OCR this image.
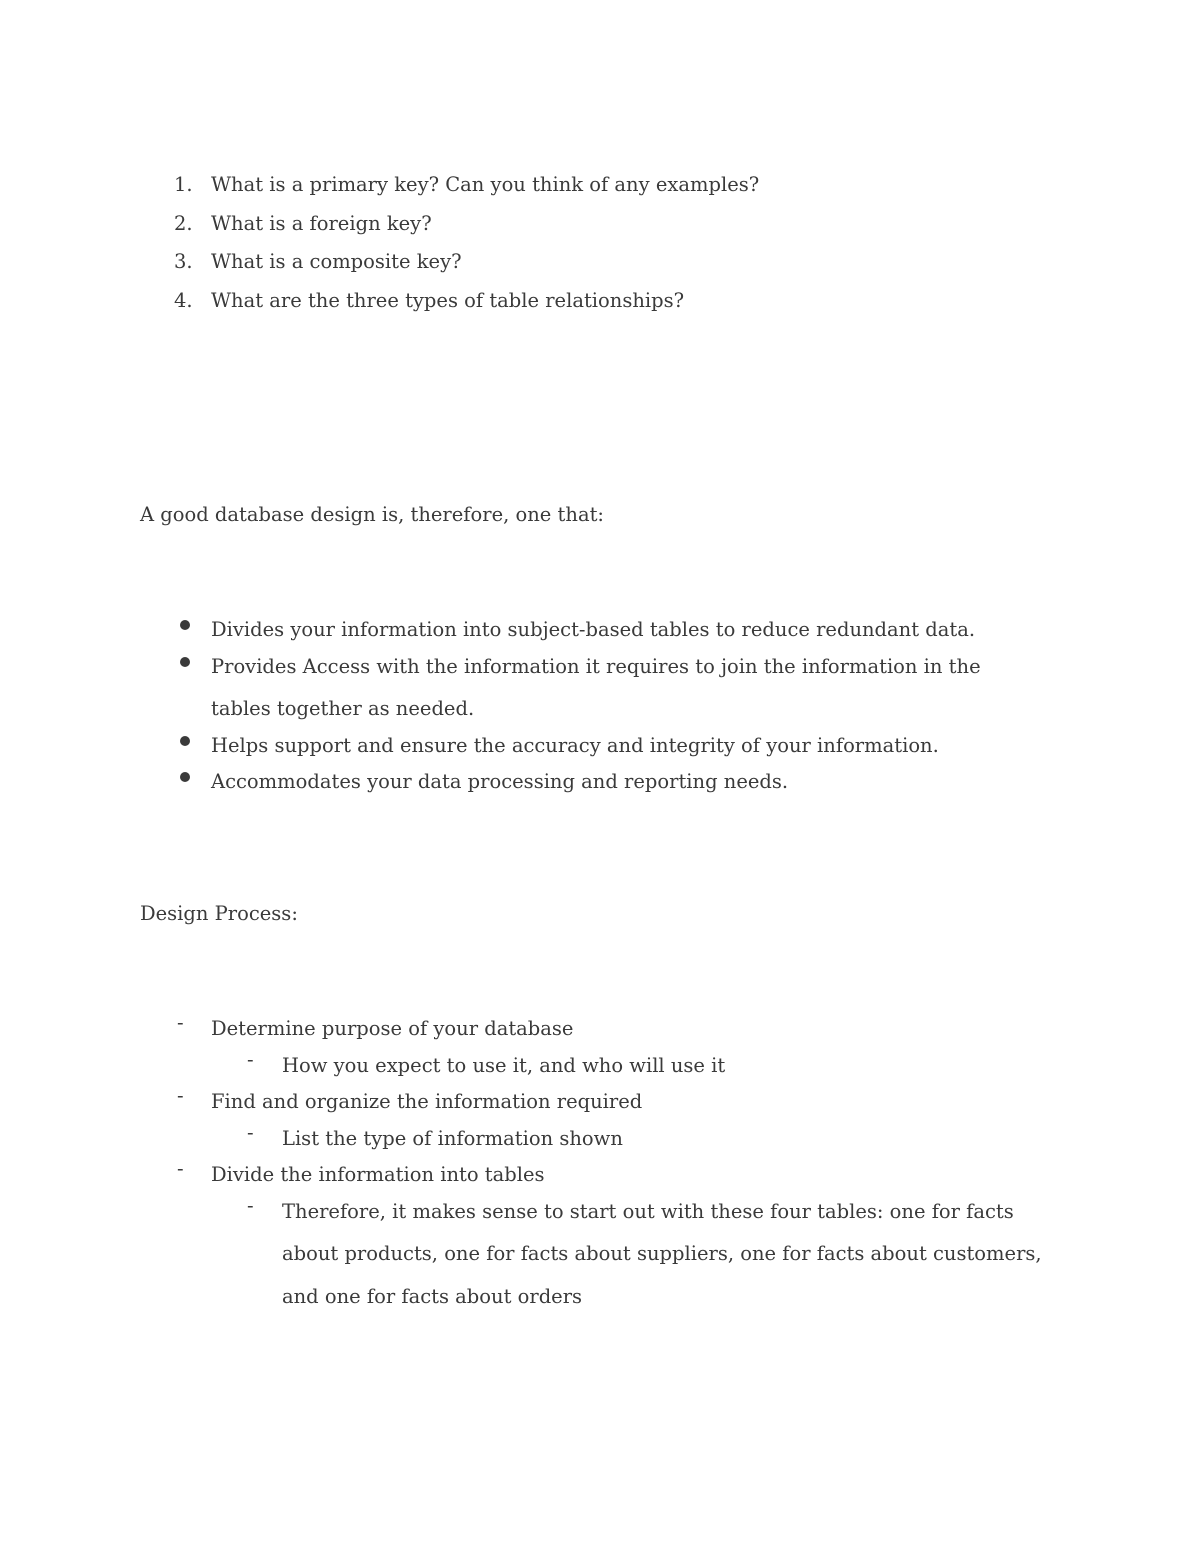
1. What is a primary key? Can you think of any examples?
2. What is a foreign key?
3. What is a composite key?
4. What are the three types of table relationships?
A good database design is, therefore, one that:
Divides your information into subject-based tables to reduce redundant data.
Provides Access with the information it requires to join the information in the tables together as needed.
Helps support and ensure the accuracy and integrity of your information.
Accommodates your data processing and reporting needs.
Design Process:
- Determine purpose of your database
- How you expect to use it, and who will use it
- Find and organize the information required
- List the type of information shown
- Divide the information into tables
- Therefore, it makes sense to start out with these four tables: one for facts about products, one for facts about suppliers, one for facts about customers, and one for facts about orders
